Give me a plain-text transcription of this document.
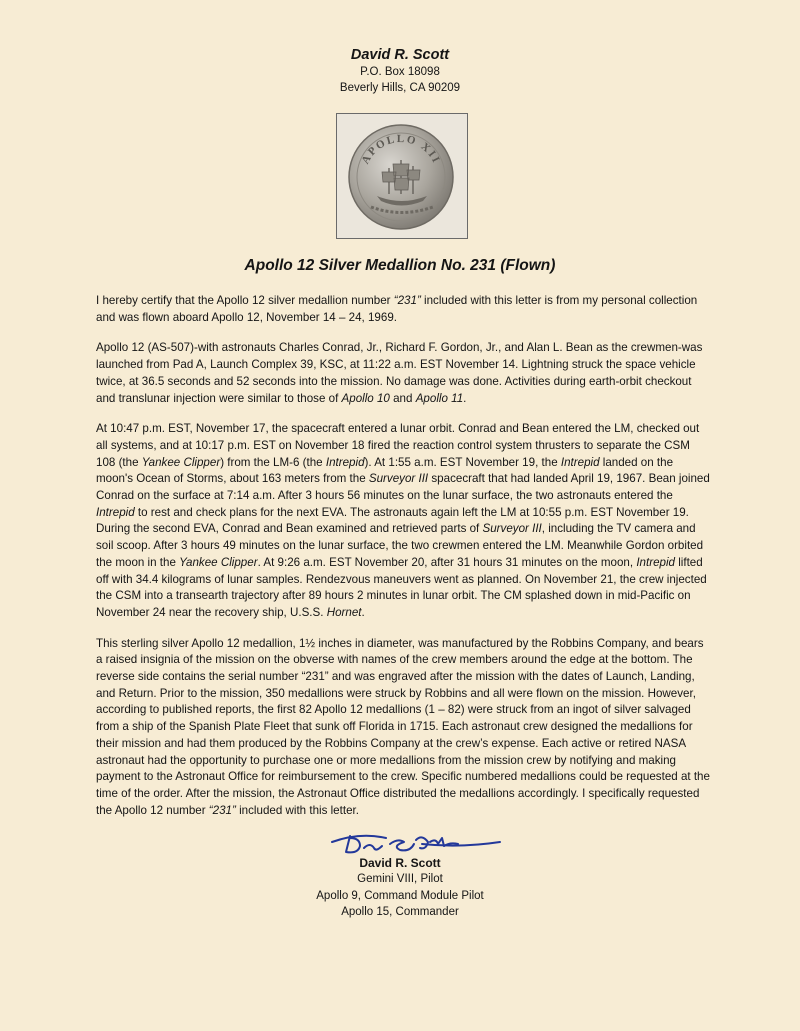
David R. Scott
P.O. Box 18098
Beverly Hills, CA 90209
APOLLO XII
Apollo 12 Silver Medallion No. 231 (Flown)

I hereby certify that the Apollo 12 silver medallion number “231” included with this letter is from my personal collection and was flown aboard Apollo 12, November 14 – 24, 1969.

Apollo 12 (AS-507)-with astronauts Charles Conrad, Jr., Richard F. Gordon, Jr., and Alan L. Bean as the crewmen-was launched from Pad A, Launch Complex 39, KSC, at 11:22 a.m. EST November 14. Lightning struck the space vehicle twice, at 36.5 seconds and 52 seconds into the mission. No damage was done. Activities during earth-orbit checkout and translunar injection were similar to those of Apollo 10 and Apollo 11.

At 10:47 p.m. EST, November 17, the spacecraft entered a lunar orbit. Conrad and Bean entered the LM, checked out all systems, and at 10:17 p.m. EST on November 18 fired the reaction control system thrusters to separate the CSM 108 (the Yankee Clipper) from the LM-6 (the Intrepid). At 1:55 a.m. EST November 19, the Intrepid landed on the moon's Ocean of Storms, about 163 meters from the Surveyor III spacecraft that had landed April 19, 1967. Bean joined Conrad on the surface at 7:14 a.m. After 3 hours 56 minutes on the lunar surface, the two astronauts entered the Intrepid to rest and check plans for the next EVA. The astronauts again left the LM at 10:55 p.m. EST November 19. During the second EVA, Conrad and Bean examined and retrieved parts of Surveyor III, including the TV camera and soil scoop. After 3 hours 49 minutes on the lunar surface, the two crewmen entered the LM. Meanwhile Gordon orbited the moon in the Yankee Clipper. At 9:26 a.m. EST November 20, after 31 hours 31 minutes on the moon, Intrepid lifted off with 34.4 kilograms of lunar samples. Rendezvous maneuvers went as planned. On November 21, the crew injected the CSM into a transearth trajectory after 89 hours 2 minutes in lunar orbit. The CM splashed down in mid-Pacific on November 24 near the recovery ship, U.S.S. Hornet.

This sterling silver Apollo 12 medallion, 1½ inches in diameter, was manufactured by the Robbins Company, and bears a raised insignia of the mission on the obverse with names of the crew members around the edge at the bottom. The reverse side contains the serial number “231” and was engraved after the mission with the dates of Launch, Landing, and Return. Prior to the mission, 350 medallions were struck by Robbins and all were flown on the mission. However, according to published reports, the first 82 Apollo 12 medallions (1 – 82) were struck from an ingot of silver salvaged from a ship of the Spanish Plate Fleet that sunk off Florida in 1715. Each astronaut crew designed the medallions for their mission and had them produced by the Robbins Company at the crew’s expense. Each active or retired NASA astronaut had the opportunity to purchase one or more medallions from the mission crew by notifying and making payment to the Astronaut Office for reimbursement to the crew. Specific numbered medallions could be requested at the time of the order. After the mission, the Astronaut Office distributed the medallions accordingly. I specifically requested the Apollo 12 number “231” included with this letter.

David R. Scott
Gemini VIII, Pilot
Apollo 9, Command Module Pilot
Apollo 15, Commander
